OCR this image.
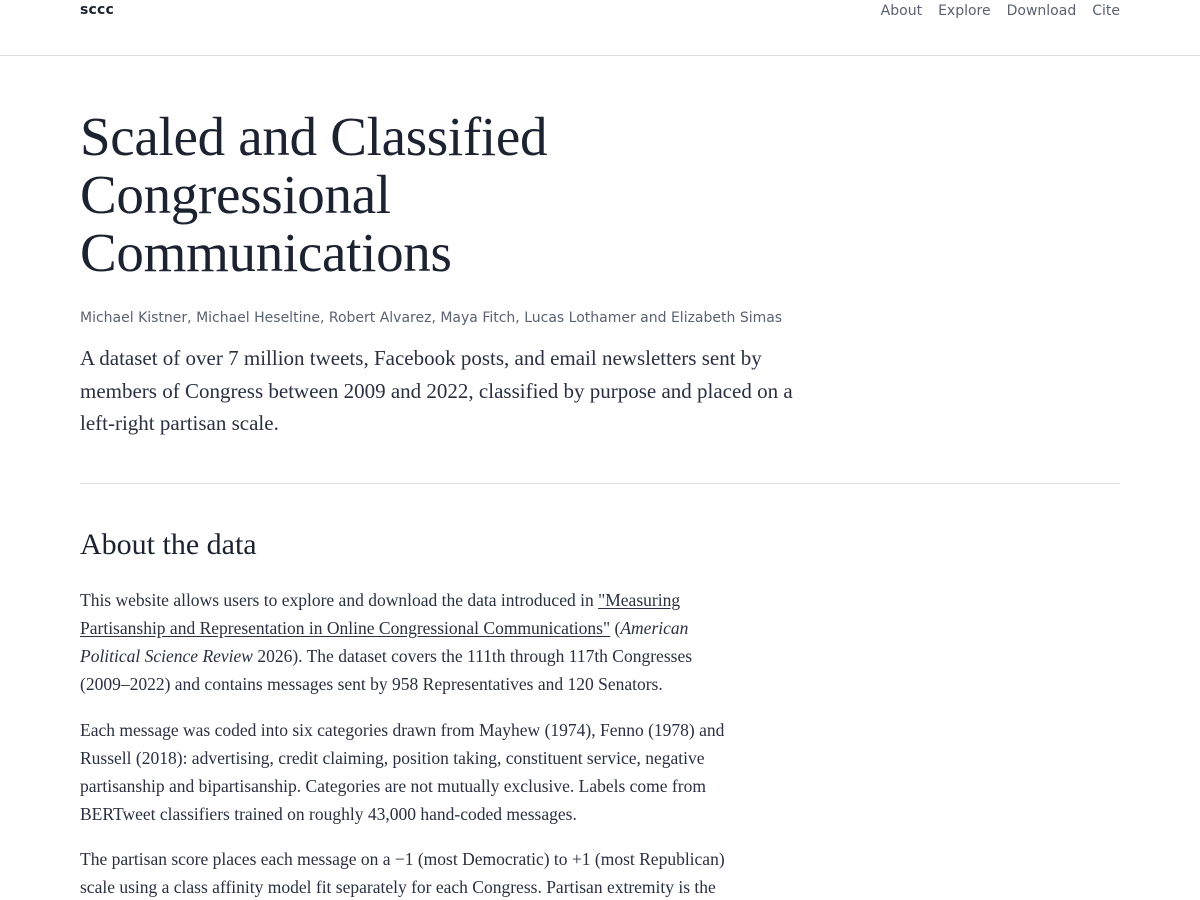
sccc	About Explore Download Cite
Scaled and Classified Congressional Communications

Michael Kistner, Michael Heseltine, Robert Alvarez, Maya Fitch, Lucas Lothamer and Elizabeth Simas

A dataset of over 7 million tweets, Facebook posts, and email newsletters sent by members of Congress between 2009 and 2022, classified by purpose and placed on a left-right partisan scale.

About the data

This website allows users to explore and download the data introduced in "Measuring Partisanship and Representation in Online Congressional Communications" (American Political Science Review 2026). The dataset covers the 111th through 117th Congresses (2009–2022) and contains messages sent by 958 Representatives and 120 Senators.

Each message was coded into six categories drawn from Mayhew (1974), Fenno (1978) and Russell (2018): advertising, credit claiming, position taking, constituent service, negative partisanship and bipartisanship. Categories are not mutually exclusive. Labels come from BERTweet classifiers trained on roughly 43,000 hand-coded messages.

The partisan score places each message on a −1 (most Democratic) to +1 (most Republican) scale using a class affinity model fit separately for each Congress. Partisan extremity is the
